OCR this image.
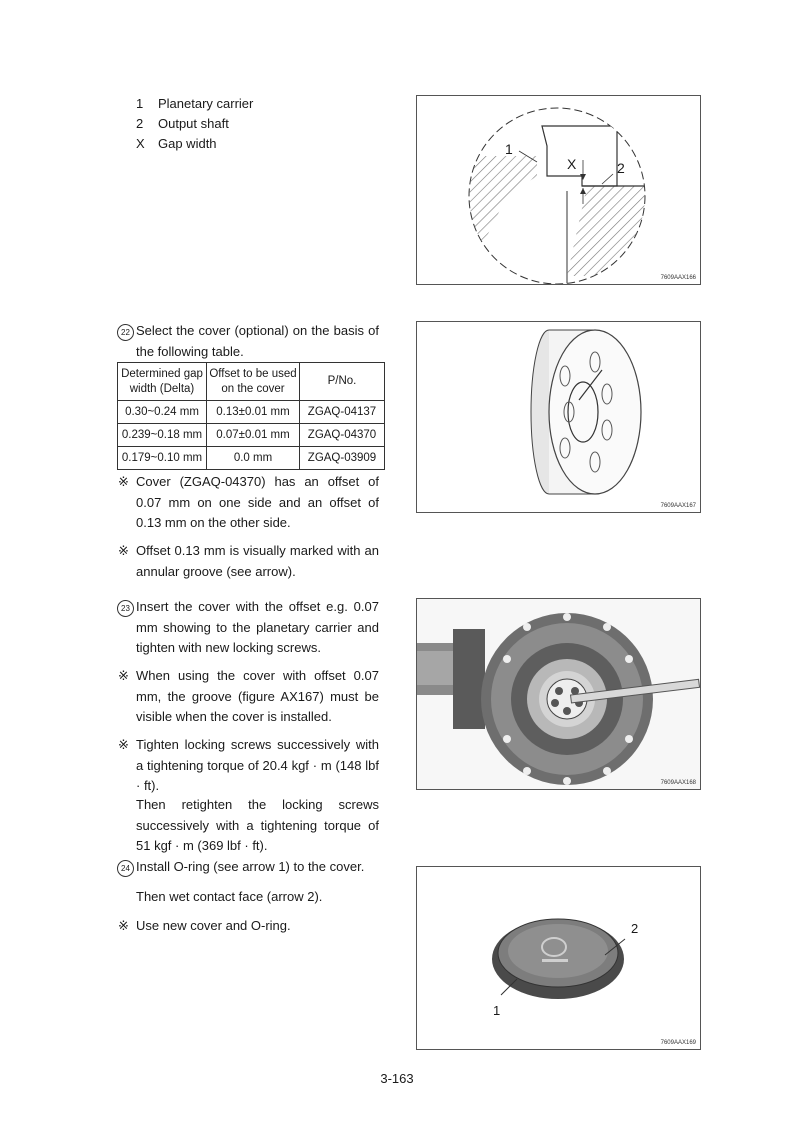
1 Planetary carrier
2 Output shaft
X Gap width	1
X	2
7609AAX166
22 Select the cover (optional) on the basis of the following table.
Determined gap width (Delta)	Offset to be used on the cover	P/No.
0.30~0.24 mm	0.13±0.01 mm	ZGAQ-04137
0.239~0.18 mm	0.07±0.01 mm	ZGAQ-04370
0.179~0.10 mm	0.0 mm	ZGAQ-03909
※ Cover (ZGAQ-04370) has an offset of 0.07 mm on one side and an offset of 0.13 mm on the other side.
※ Offset 0.13 mm is visually marked with an annular groove (see arrow).
7609AAX167
23 Insert the cover with the offset e.g. 0.07 mm showing to the planetary carrier and tighten with new locking screws.
※ When using the cover with offset 0.07 mm, the groove (figure AX167) must be visible when the cover is installed.
※ Tighten locking screws successively with a tightening torque of 20.4 kgf · m (148 lbf · ft).
Then retighten the locking screws successively with a tightening torque of 51 kgf · m (369 lbf · ft).
7609AAX168
24 Install O-ring (see arrow 1) to the cover.
Then wet contact face (arrow 2).
※ Use new cover and O-ring.	2
1
7609AAX169
3-163
